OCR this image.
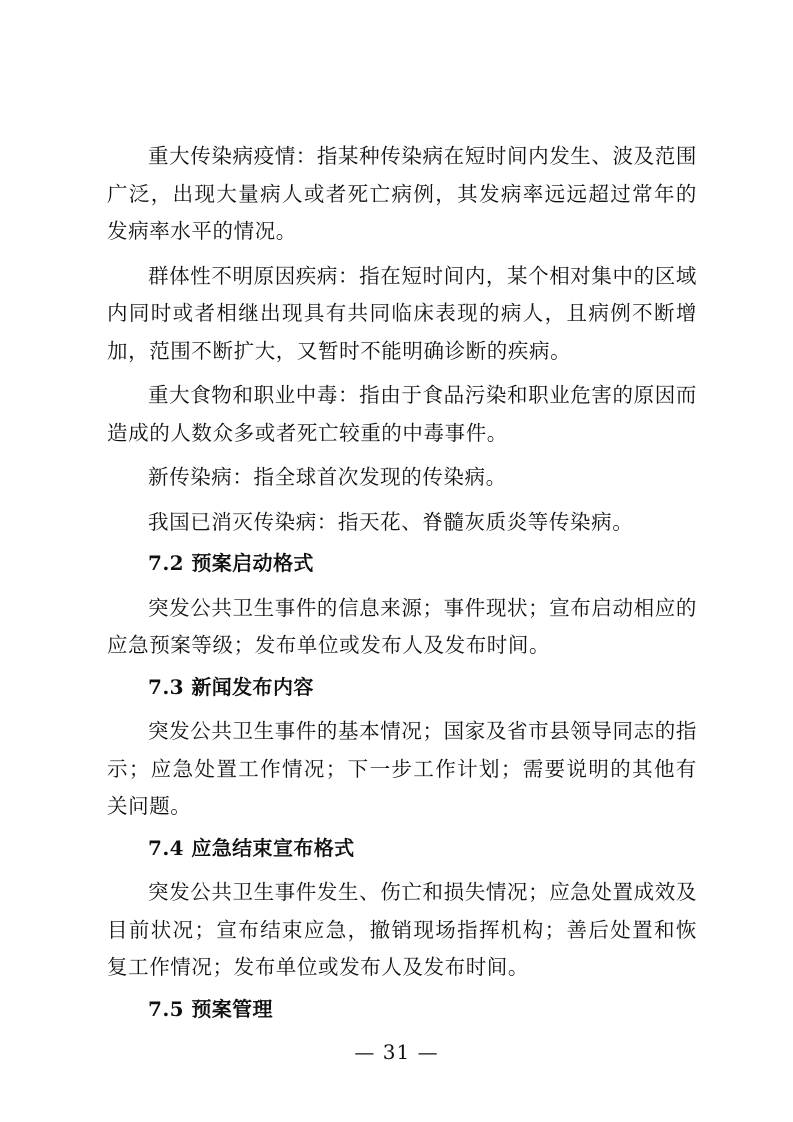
重大传染病疫情：指某种传染病在短时间内发生、波及范围广泛，出现大量病人或者死亡病例，其发病率远远超过常年的发病率水平的情况。

群体性不明原因疾病：指在短时间内，某个相对集中的区域内同时或者相继出现具有共同临床表现的病人，且病例不断增加，范围不断扩大，又暂时不能明确诊断的疾病。

重大食物和职业中毒：指由于食品污染和职业危害的原因而造成的人数众多或者死亡较重的中毒事件。

新传染病：指全球首次发现的传染病。

我国已消灭传染病：指天花、脊髓灰质炎等传染病。

7.2 预案启动格式

突发公共卫生事件的信息来源；事件现状；宣布启动相应的应急预案等级；发布单位或发布人及发布时间。

7.3 新闻发布内容

突发公共卫生事件的基本情况；国家及省市县领导同志的指示；应急处置工作情况；下一步工作计划；需要说明的其他有关问题。

7.4 应急结束宣布格式

突发公共卫生事件发生、伤亡和损失情况；应急处置成效及目前状况；宣布结束应急，撤销现场指挥机构；善后处置和恢复工作情况；发布单位或发布人及发布时间。

7.5 预案管理

— 31 —
